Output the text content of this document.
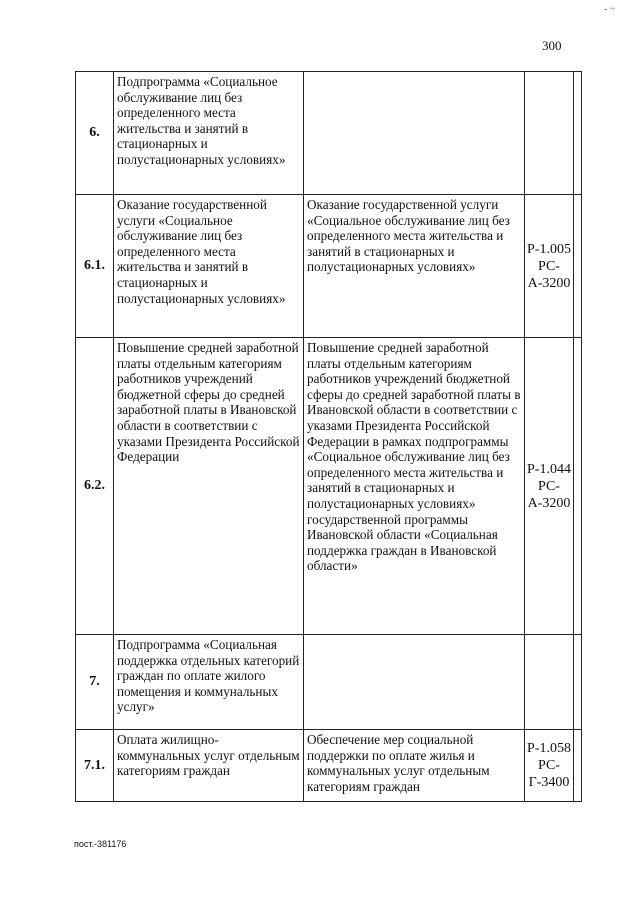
- ~
300
6.	Подпрограмма «Социальное обслуживание лиц без определенного места жительства и занятий в стационарных и полустационарных условиях»			
6.1.	Оказание государственной услуги «Социальное обслуживание лиц без определенного места жительства и занятий в стационарных и полустационарных условиях»	Оказание государственной услуги «Социальное обслуживание лиц без определенного места жительства и занятий в стационарных и полустационарных условиях»	Р-1.005 РС-А-3200	
6.2.	Повышение средней заработной платы отдельным категориям работников учреждений бюджетной сферы до средней заработной платы в Ивановской области в соответствии с указами Президента Российской Федерации	Повышение средней заработной платы отдельным категориям работников учреждений бюджетной сферы до средней заработной платы в Ивановской области в соответствии с указами Президента Российской Федерации в рамках подпрограммы «Социальное обслуживание лиц без определенного места жительства и занятий в стационарных и полустационарных условиях» государственной программы Ивановской области «Социальная поддержка граждан в Ивановской области»	Р-1.044 РС-А-3200	
7.	Подпрограмма «Социальная поддержка отдельных категорий граждан по оплате жилого помещения и коммунальных услуг»			
7.1.	Оплата жилищно-коммунальных услуг отдельным категориям граждан	Обеспечение мер социальной поддержки по оплате жилья и коммунальных услуг отдельным категориям граждан	Р-1.058 РС-Г-3400	
пост.-381176
